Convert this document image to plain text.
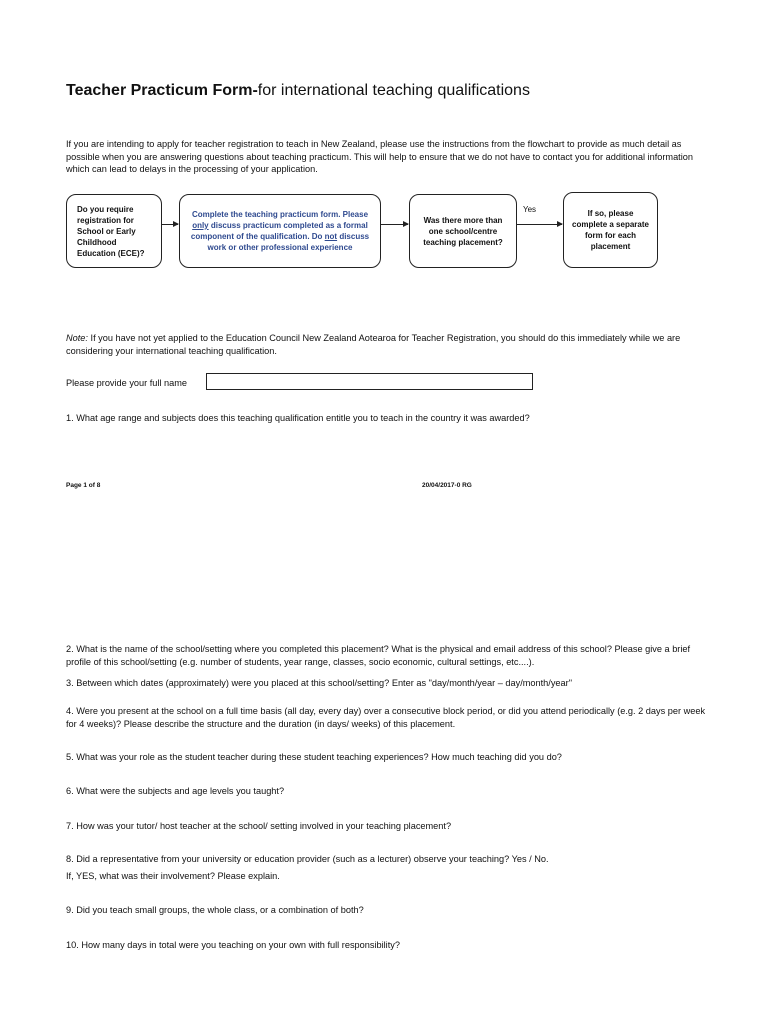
Teacher Practicum Form-for international teaching qualifications
If you are intending to apply for teacher registration to teach in New Zealand, please use the instructions from the flowchart to provide as much detail as possible when you are answering questions about teaching practicum. This will help to ensure that we do not have to contact you for additional information which can lead to delays in the processing of your application.
Do you require registration for School or Early Childhood Education (ECE)?
Complete the teaching practicum form. Please only discuss practicum completed as a formal component of the qualification. Do not discuss work or other professional experience
Was there more than one school/centre teaching placement?
Yes	If so, please complete a separate form for each placement
Note: If you have not yet applied to the Education Council New Zealand Aotearoa for Teacher Registration, you should do this immediately while we are considering your international teaching qualification.
Please provide your full name
1. What age range and subjects does this teaching qualification entitle you to teach in the country it was awarded?
Page 1 of 8	20/04/2017-0 RG
2. What is the name of the school/setting where you completed this placement? What is the physical and email address of this school? Please give a brief profile of this school/setting (e.g. number of students, year range, classes, socio economic, cultural settings, etc....).
3. Between which dates (approximately) were you placed at this school/setting? Enter as "day/month/year – day/month/year"
4. Were you present at the school on a full time basis (all day, every day) over a consecutive block period, or did you attend periodically (e.g. 2 days per week for 4 weeks)? Please describe the structure and the duration (in days/ weeks) of this placement.
5. What was your role as the student teacher during these student teaching experiences? How much teaching did you do?
6. What were the subjects and age levels you taught?
7. How was your tutor/ host teacher at the school/ setting involved in your teaching placement?
8. Did a representative from your university or education provider (such as a lecturer) observe your teaching? Yes / No.
If, YES, what was their involvement? Please explain.
9. Did you teach small groups, the whole class, or a combination of both?
10. How many days in total were you teaching on your own with full responsibility?
